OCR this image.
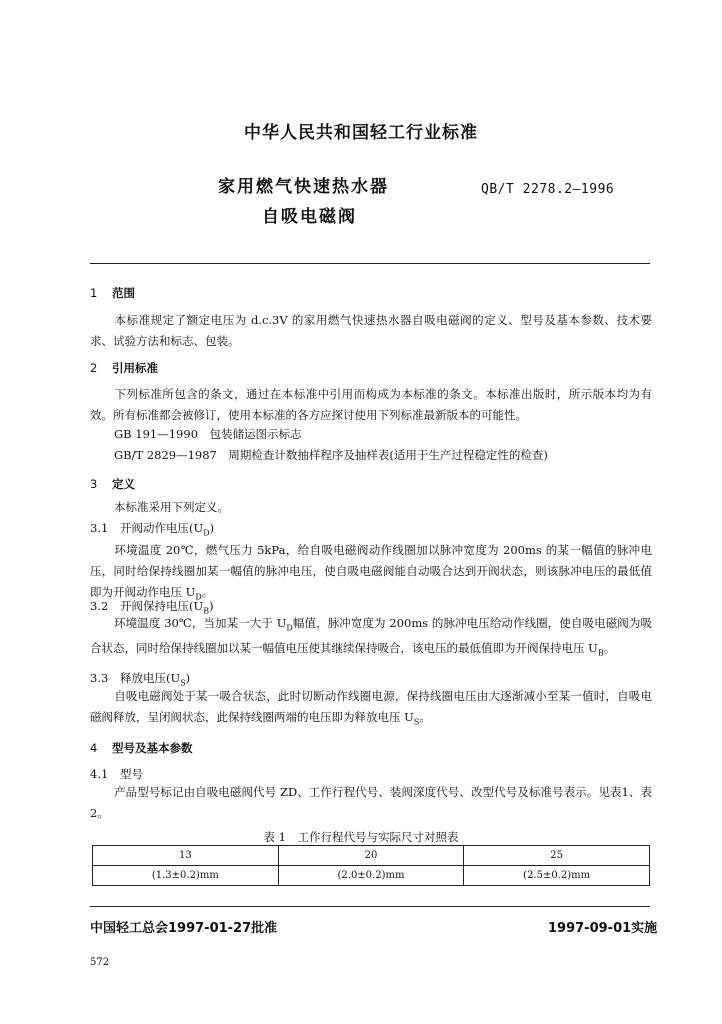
中华人民共和国轻工行业标准
家用燃气快速热水器
自吸电磁阀
QB/T 2278.2—1996
1 范围
本标准规定了额定电压为 d.c.3V 的家用燃气快速热水器自吸电磁阀的定义、型号及基本参数、技术要求、试验方法和标志、包装。
2 引用标准
下列标准所包含的条文，通过在本标准中引用而构成为本标准的条文。本标准出版时，所示版本均为有效。所有标准都会被修订，使用本标准的各方应探讨使用下列标准最新版本的可能性。
GB 191—1990　包装储运图示标志
GB/T 2829—1987　周期检查计数抽样程序及抽样表(适用于生产过程稳定性的检查)
3 定义
本标准采用下列定义。
3.1 开阀动作电压$(U_D)$
环境温度 20℃，燃气压力 5kPa，给自吸电磁阀动作线圈加以脉冲宽度为 200ms 的某一幅值的脉冲电压，同时给保持线圈加某一幅值的脉冲电压，使自吸电磁阀能自动吸合达到开阀状态，则该脉冲电压的最低值即为开阀动作电压 $U_D$。
3.2 开阀保持电压$(U_B)$
环境温度 30℃，当加某一大于 $U_D$幅值，脉冲宽度为 200ms 的脉冲电压给动作线圈，使自吸电磁阀为吸合状态，同时给保持线圈加以某一幅值电压使其继续保持吸合，该电压的最低值即为开阀保持电压 $U_B$。
3.3 释放电压$(U_S)$
自吸电磁阀处于某一吸合状态，此时切断动作线圈电源，保持线圈电压由大逐渐减小至某一值时，自吸电磁阀释放，呈闭阀状态，此保持线圈两端的电压即为释放电压 $U_S$。
4 型号及基本参数
4.1 型号
产品型号标记由自吸电磁阀代号 ZD、工作行程代号、装阀深度代号、改型代号及标准号表示。见表1、表2。
表 1　工作行程代号与实际尺寸对照表
13	20	25
(1.3±0.2)mm	(2.0±0.2)mm	(2.5±0.2)mm
中国轻工总会1997-01-27批准	1997-09-01实施
572
